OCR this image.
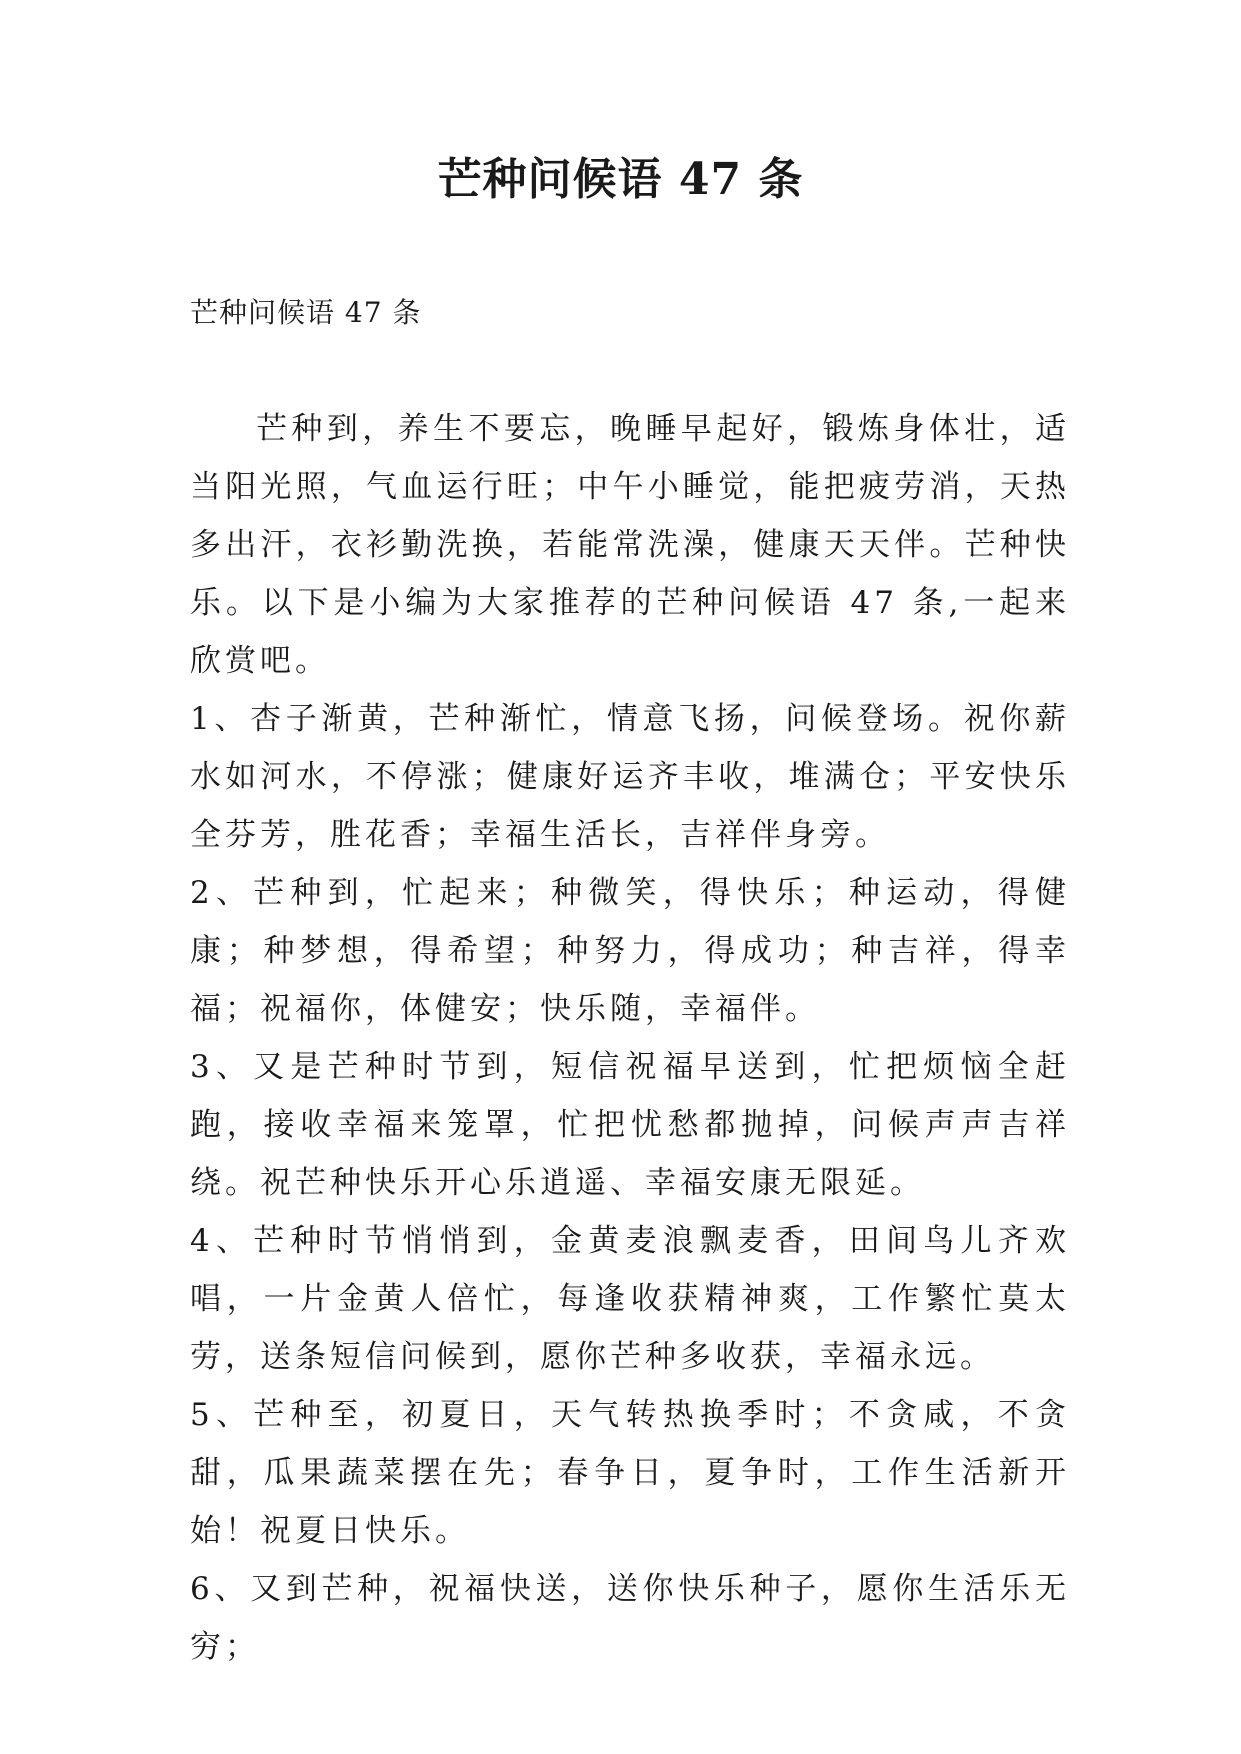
芒种问候语 47 条
芒种问候语 47 条

芒种到，养生不要忘，晚睡早起好，锻炼身体壮，适当阳光照，气血运行旺；中午小睡觉，能把疲劳消，天热多出汗，衣衫勤洗换，若能常洗澡，健康天天伴。芒种快乐。以下是小编为大家推荐的芒种问候语 47 条,一起来欣赏吧。

1、杏子渐黄，芒种渐忙，情意飞扬，问候登场。祝你薪水如河水，不停涨；健康好运齐丰收，堆满仓；平安快乐全芬芳，胜花香；幸福生活长，吉祥伴身旁。

2、芒种到，忙起来；种微笑，得快乐；种运动，得健康；种梦想，得希望；种努力，得成功；种吉祥，得幸福；祝福你，体健安；快乐随，幸福伴。

3、又是芒种时节到，短信祝福早送到，忙把烦恼全赶跑，接收幸福来笼罩，忙把忧愁都抛掉，问候声声吉祥绕。祝芒种快乐开心乐逍遥、幸福安康无限延。

4、芒种时节悄悄到，金黄麦浪飘麦香，田间鸟儿齐欢唱，一片金黄人倍忙，每逢收获精神爽，工作繁忙莫太劳，送条短信问候到，愿你芒种多收获，幸福永远。

5、芒种至，初夏日，天气转热换季时；不贪咸，不贪甜，瓜果蔬菜摆在先；春争日，夏争时，工作生活新开始！祝夏日快乐。

6、又到芒种，祝福快送，送你快乐种子，愿你生活乐无穷；
